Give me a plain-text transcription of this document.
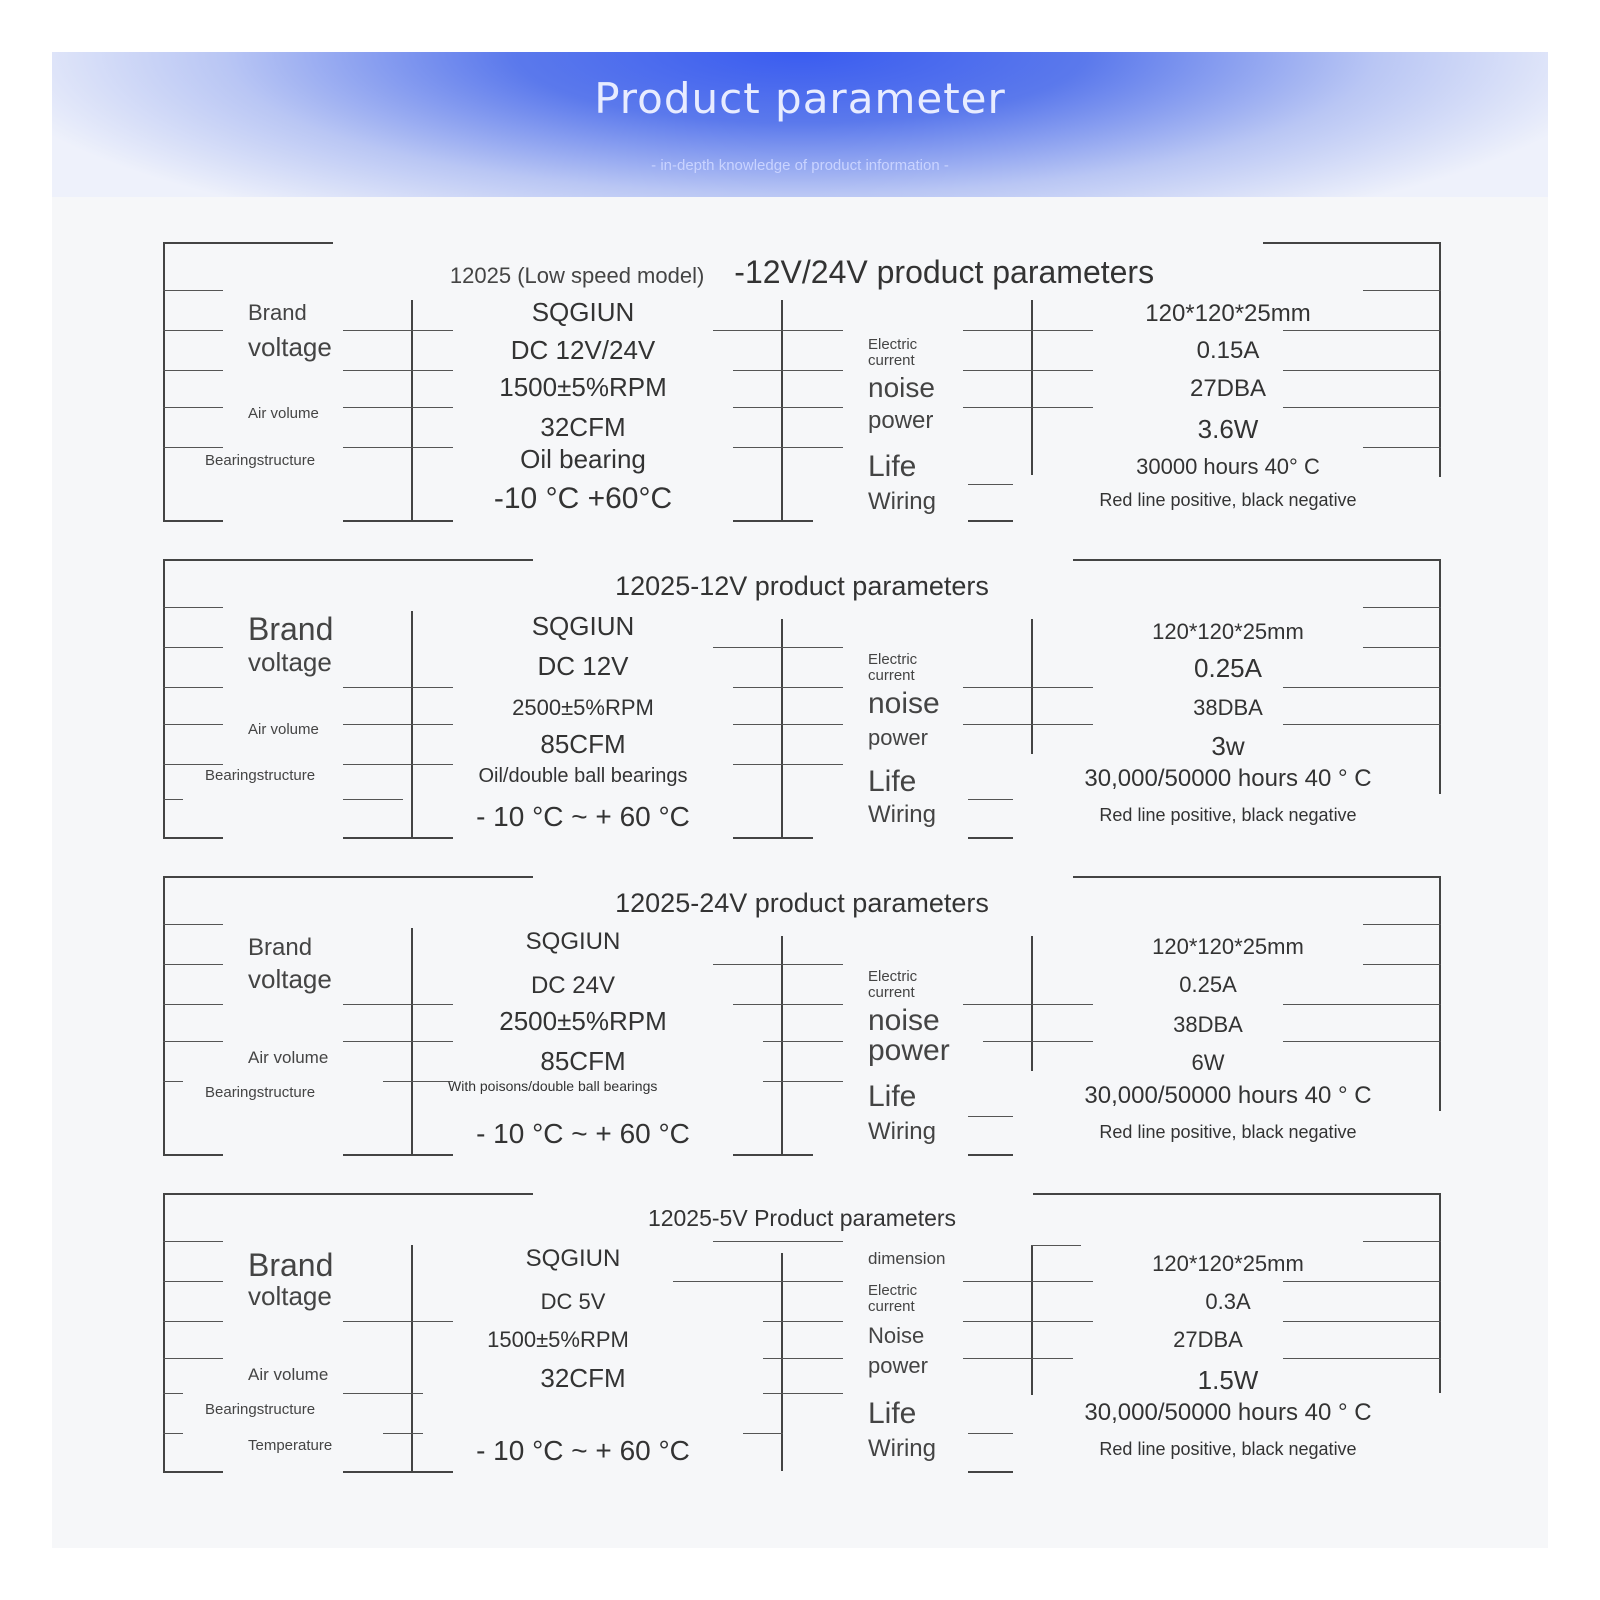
Product parameter
- in-depth knowledge of product information -
12025 (Low speed model) -12V/24V product parameters
Brand
voltage
Air volume
Bearingstructure
SQGIUN
DC 12V/24V
1500±5%RPM
32CFM
Oil bearing
-10 °C +60°C
Electric current
noise
power
Life
Wiring
120*120*25mm
0.15A
27DBA
3.6W
30000 hours 40° C
Red line positive, black negative
12025-12V product parameters
Brand
voltage
Air volume
Bearingstructure
SQGIUN
DC 12V
2500±5%RPM
85CFM
Oil/double ball bearings
- 10 °C ~ + 60 °C
Electric current
noise
power
Life
Wiring
120*120*25mm
0.25A
38DBA
3w
30,000/50000 hours 40 ° C
Red line positive, black negative
12025-24V product parameters
Brand
voltage
Air volume
Bearingstructure
SQGIUN
DC 24V
2500±5%RPM
85CFM
With poisons/double ball bearings
- 10 °C ~ + 60 °C
Electric current
noise
power
Life
Wiring
120*120*25mm
0.25A
38DBA
6W
30,000/50000 hours 40 ° C
Red line positive, black negative
12025-5V Product parameters
Brand
voltage
Air volume
Bearingstructure
Temperature
SQGIUN
DC 5V
1500±5%RPM
32CFM
- 10 °C ~ + 60 °C
dimension
Electric current
Noise
power
Life
Wiring
120*120*25mm
0.3A
27DBA
1.5W
30,000/50000 hours 40 ° C
Red line positive, black negative
